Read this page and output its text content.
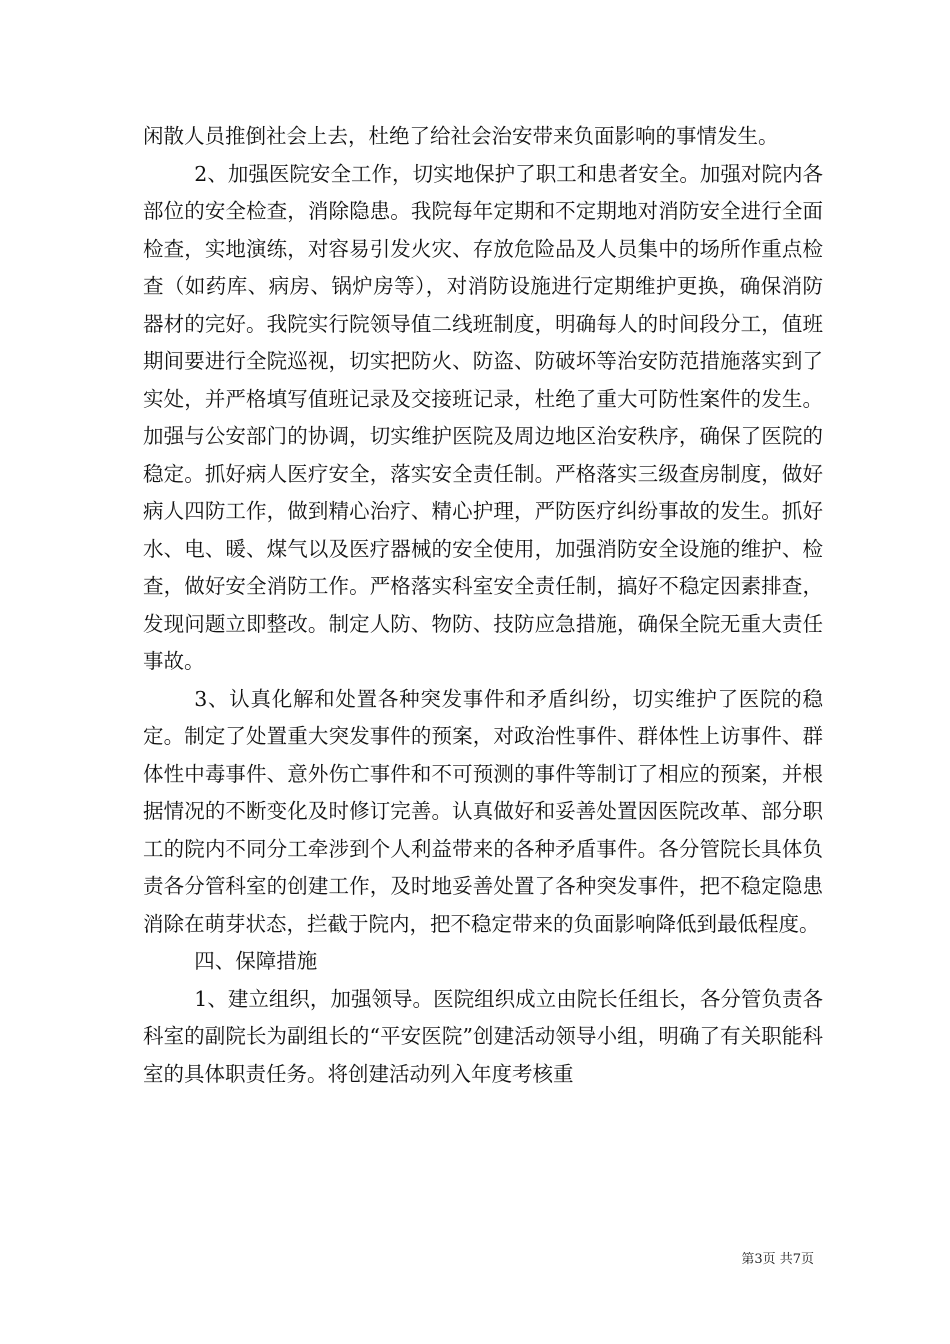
闲散人员推倒社会上去，杜绝了给社会治安带来负面影响的事情发生。

2、加强医院安全工作，切实地保护了职工和患者安全。加强对院内各部位的安全检查，消除隐患。我院每年定期和不定期地对消防安全进行全面检查，实地演练，对容易引发火灾、存放危险品及人员集中的场所作重点检查（如药库、病房、锅炉房等），对消防设施进行定期维护更换，确保消防器材的完好。我院实行院领导值二线班制度，明确每人的时间段分工，值班期间要进行全院巡视，切实把防火、防盗、防破坏等治安防范措施落实到了实处，并严格填写值班记录及交接班记录，杜绝了重大可防性案件的发生。加强与公安部门的协调，切实维护医院及周边地区治安秩序，确保了医院的稳定。抓好病人医疗安全，落实安全责任制。严格落实三级查房制度，做好病人四防工作，做到精心治疗、精心护理，严防医疗纠纷事故的发生。抓好水、电、暖、煤气以及医疗器械的安全使用，加强消防安全设施的维护、检查，做好安全消防工作。严格落实科室安全责任制，搞好不稳定因素排查，发现问题立即整改。制定人防、物防、技防应急措施，确保全院无重大责任事故。

3、认真化解和处置各种突发事件和矛盾纠纷，切实维护了医院的稳定。制定了处置重大突发事件的预案，对政治性事件、群体性上访事件、群体性中毒事件、意外伤亡事件和不可预测的事件等制订了相应的预案，并根据情况的不断变化及时修订完善。认真做好和妥善处置因医院改革、部分职工的院内不同分工牵涉到个人利益带来的各种矛盾事件。各分管院长具体负责各分管科室的创建工作，及时地妥善处置了各种突发事件，把不稳定隐患消除在萌芽状态，拦截于院内，把不稳定带来的负面影响降低到最低程度。

四、保障措施

1、建立组织，加强领导。医院组织成立由院长任组长，各分管负责各科室的副院长为副组长的“平安医院”创建活动领导小组，明确了有关职能科室的具体职责任务。将创建活动列入年度考核重

第3页 共7页
